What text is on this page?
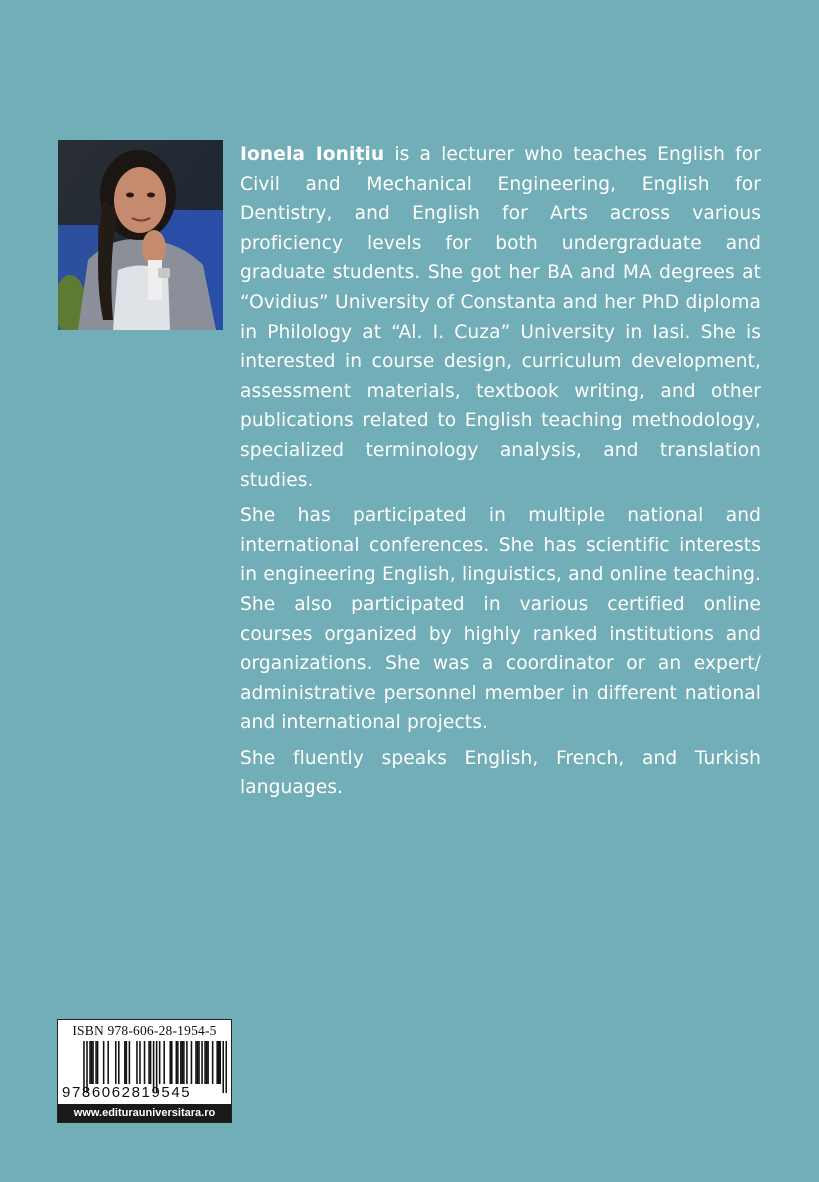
Ionela Ionițiu is a lecturer who teaches English for Civil and Mechanical Engineering, English for Dentistry, and English for Arts across various proficiency levels for both undergraduate and graduate students. She got her BA and MA degrees at “Ovidius” University of Constanta and her PhD diploma in Philology at “Al. I. Cuza” University in Iasi. She is interested in course design, curriculum development, assessment materials, textbook writing, and other publications related to English teaching methodology, specialized terminology analysis, and translation studies.

She has participated in multiple national and international conferences. She has scientific interests in engineering English, linguistics, and online teaching. She also participated in various certified online courses organized by highly ranked institutions and organizations. She was a coordinator or an expert/ administrative personnel member in different national and international projects.

She fluently speaks English, French, and Turkish languages.

ISBN 978-606-28-1954-5
9786062819545
www.editurauniversitara.ro
